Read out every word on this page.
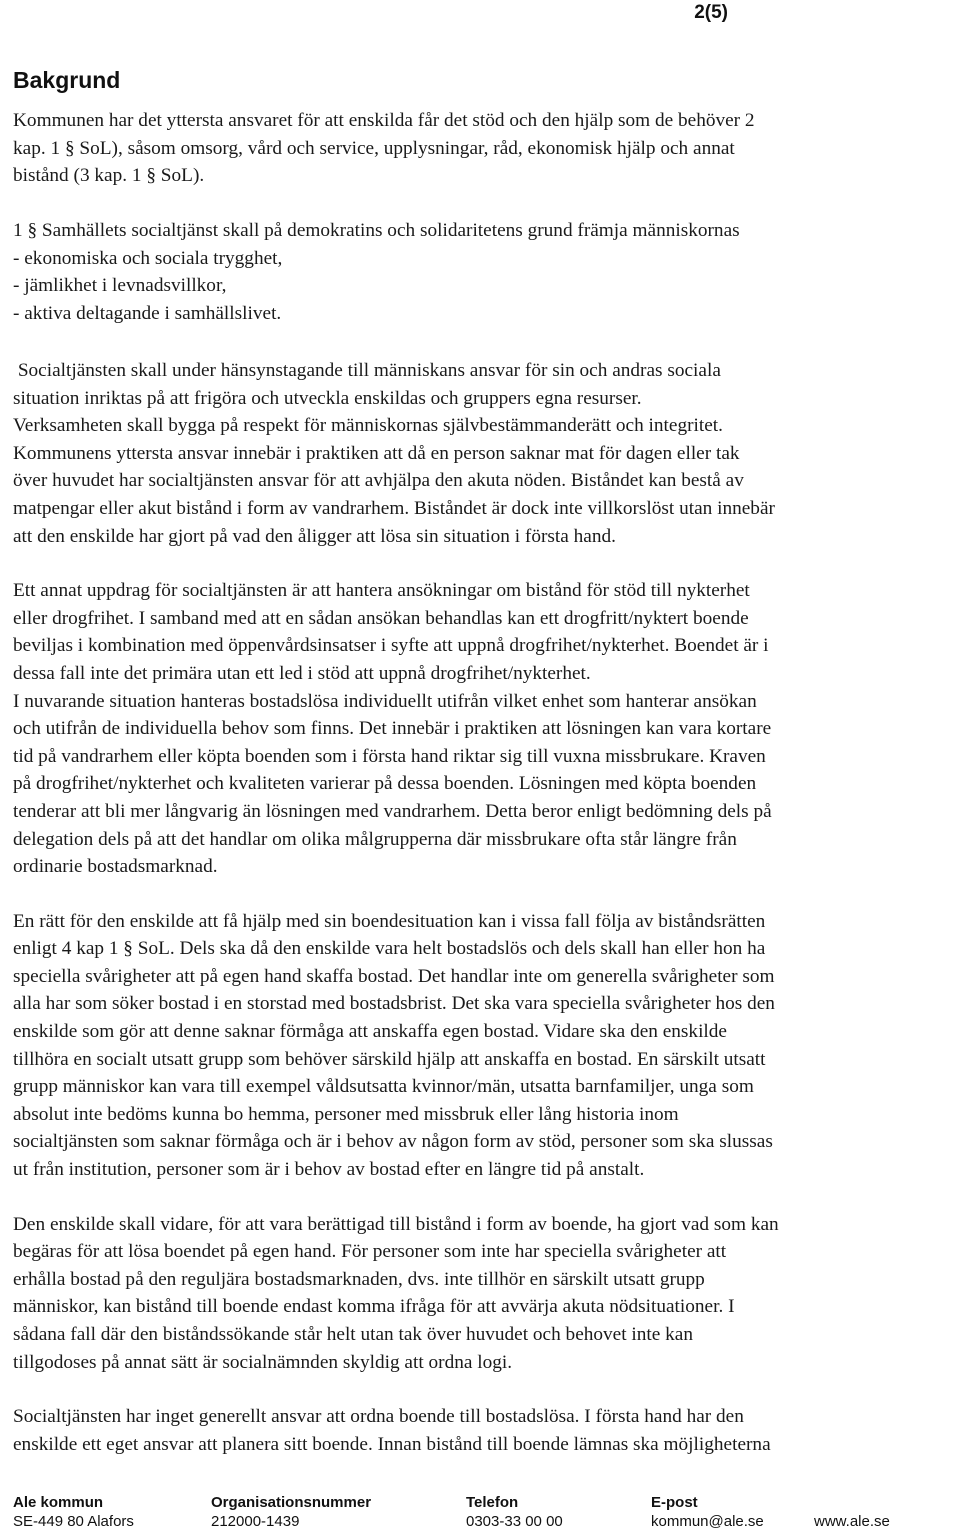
2(5)
Bakgrund
Kommunen har det yttersta ansvaret för att enskilda får det stöd och den hjälp som de behöver 2
kap. 1 § SoL), såsom omsorg, vård och service, upplysningar, råd, ekonomisk hjälp och annat
bistånd (3 kap. 1 § SoL).
1 § Samhällets socialtjänst skall på demokratins och solidaritetens grund främja människornas
- ekonomiska och sociala trygghet,
- jämlikhet i levnadsvillkor,
- aktiva deltagande i samhällslivet.

Socialtjänsten skall under hänsynstagande till människans ansvar för sin och andras sociala
situation inriktas på att frigöra och utveckla enskildas och gruppers egna resurser.
Verksamheten skall bygga på respekt för människornas självbestämmanderätt och integritet.
Kommunens yttersta ansvar innebär i praktiken att då en person saknar mat för dagen eller tak
över huvudet har socialtjänsten ansvar för att avhjälpa den akuta nöden. Biståndet kan bestå av
matpengar eller akut bistånd i form av vandrarhem. Biståndet är dock inte villkorslöst utan innebär
att den enskilde har gjort på vad den åligger att lösa sin situation i första hand.

Ett annat uppdrag för socialtjänsten är att hantera ansökningar om bistånd för stöd till nykterhet
eller drogfrihet. I samband med att en sådan ansökan behandlas kan ett drogfritt/nyktert boende
beviljas i kombination med öppenvårdsinsatser i syfte att uppnå drogfrihet/nykterhet. Boendet är i
dessa fall inte det primära utan ett led i stöd att uppnå drogfrihet/nykterhet.
I nuvarande situation hanteras bostadslösa individuellt utifrån vilket enhet som hanterar ansökan
och utifrån de individuella behov som finns. Det innebär i praktiken att lösningen kan vara kortare
tid på vandrarhem eller köpta boenden som i första hand riktar sig till vuxna missbrukare. Kraven
på drogfrihet/nykterhet och kvaliteten varierar på dessa boenden. Lösningen med köpta boenden
tenderar att bli mer långvarig än lösningen med vandrarhem. Detta beror enligt bedömning dels på
delegation dels på att det handlar om olika målgrupperna där missbrukare ofta står längre från
ordinarie bostadsmarknad.

En rätt för den enskilde att få hjälp med sin boendesituation kan i vissa fall följa av biståndsrätten
enligt 4 kap 1 § SoL. Dels ska då den enskilde vara helt bostadslös och dels skall han eller hon ha
speciella svårigheter att på egen hand skaffa bostad. Det handlar inte om generella svårigheter som
alla har som söker bostad i en storstad med bostadsbrist. Det ska vara speciella svårigheter hos den
enskilde som gör att denne saknar förmåga att anskaffa egen bostad. Vidare ska den enskilde
tillhöra en socialt utsatt grupp som behöver särskild hjälp att anskaffa en bostad. En särskilt utsatt
grupp människor kan vara till exempel våldsutsatta kvinnor/män, utsatta barnfamiljer, unga som
absolut inte bedöms kunna bo hemma, personer med missbruk eller lång historia inom
socialtjänsten som saknar förmåga och är i behov av någon form av stöd, personer som ska slussas
ut från institution, personer som är i behov av bostad efter en längre tid på anstalt.

Den enskilde skall vidare, för att vara berättigad till bistånd i form av boende, ha gjort vad som kan
begäras för att lösa boendet på egen hand. För personer som inte har speciella svårigheter att
erhålla bostad på den reguljära bostadsmarknaden, dvs. inte tillhör en särskilt utsatt grupp
människor, kan bistånd till boende endast komma ifråga för att avvärja akuta nödsituationer. I
sådana fall där den biståndssökande står helt utan tak över huvudet och behovet inte kan
tillgodoses på annat sätt är socialnämnden skyldig att ordna logi.

Socialtjänsten har inget generellt ansvar att ordna boende till bostadslösa. I första hand har den
enskilde ett eget ansvar att planera sitt boende. Innan bistånd till boende lämnas ska möjligheterna

Ale kommun	Organisationsnummer	Telefon	E-post
SE-449 80 Alafors	212000-1439	0303-33 00 00	kommun@ale.se	www.ale.se
